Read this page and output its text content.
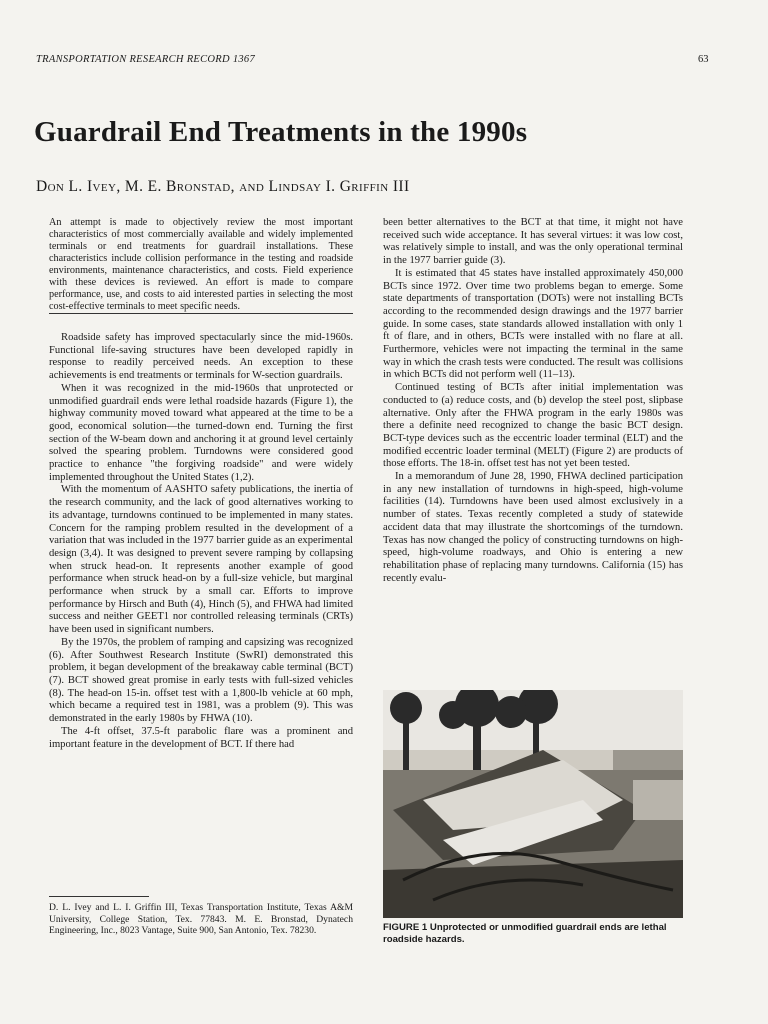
TRANSPORTATION RESEARCH RECORD 1367	63
Guardrail End Treatments in the 1990s
Don L. Ivey, M. E. Bronstad, and Lindsay I. Griffin III

An attempt is made to objectively review the most important characteristics of most commercially available and widely implemented terminals or end treatments for guardrail installations. These characteristics include collision performance in the testing and roadside environments, maintenance characteristics, and costs. Field experience with these devices is reviewed. An effort is made to compare performance, use, and costs to aid interested parties in selecting the most cost-effective terminals to meet specific needs.

Roadside safety has improved spectacularly since the mid-1960s. Functional life-saving structures have been developed rapidly in response to readily perceived needs. An exception to these achievements is end treatments or terminals for W-section guardrails.

When it was recognized in the mid-1960s that unprotected or unmodified guardrail ends were lethal roadside hazards (Figure 1), the highway community moved toward what appeared at the time to be a good, economical solution—the turned-down end. Turning the first section of the W-beam down and anchoring it at ground level certainly solved the spearing problem. Turndowns were considered good practice to enhance "the forgiving roadside" and were widely implemented throughout the United States (1,2).

With the momentum of AASHTO safety publications, the inertia of the research community, and the lack of good alternatives working to its advantage, turndowns continued to be implemented in many states. Concern for the ramping problem resulted in the development of a variation that was included in the 1977 barrier guide as an experimental design (3,4). It was designed to prevent severe ramping by collapsing when struck head-on. It represents another example of good performance when struck head-on by a full-size vehicle, but marginal performance when struck by a small car. Efforts to improve performance by Hirsch and Buth (4), Hinch (5), and FHWA had limited success and neither GEET1 nor controlled releasing terminals (CRTs) have been used in significant numbers.

By the 1970s, the problem of ramping and capsizing was recognized (6). After Southwest Research Institute (SwRI) demonstrated this problem, it began development of the breakaway cable terminal (BCT) (7). BCT showed great promise in early tests with full-sized vehicles (8). The head-on 15-in. offset test with a 1,800-lb vehicle at 60 mph, which became a required test in 1981, was a problem (9). This was demonstrated in the early 1980s by FHWA (10).

The 4-ft offset, 37.5-ft parabolic flare was a prominent and important feature in the development of BCT. If there had

D. L. Ivey and L. I. Griffin III, Texas Transportation Institute, Texas A&M University, College Station, Tex. 77843. M. E. Bronstad, Dynatech Engineering, Inc., 8023 Vantage, Suite 900, San Antonio, Tex. 78230.

been better alternatives to the BCT at that time, it might not have received such wide acceptance. It has several virtues: it was low cost, was relatively simple to install, and was the only operational terminal in the 1977 barrier guide (3).

It is estimated that 45 states have installed approximately 450,000 BCTs since 1972. Over time two problems began to emerge. Some state departments of transportation (DOTs) were not installing BCTs according to the recommended design drawings and the 1977 barrier guide. In some cases, state standards allowed installation with only 1 ft of flare, and in others, BCTs were installed with no flare at all. Furthermore, vehicles were not impacting the terminal in the same way in which the crash tests were conducted. The result was collisions in which BCTs did not perform well (11–13).

Continued testing of BCTs after initial implementation was conducted to (a) reduce costs, and (b) develop the steel post, slipbase alternative. Only after the FHWA program in the early 1980s was there a definite need recognized to change the basic BCT design. BCT-type devices such as the eccentric loader terminal (ELT) and the modified eccentric loader terminal (MELT) (Figure 2) are products of those efforts. The 18-in. offset test has not yet been tested.

In a memorandum of June 28, 1990, FHWA declined participation in any new installation of turndowns in high-speed, high-volume facilities (14). Turndowns have been used almost exclusively in a number of states. Texas recently completed a study of statewide accident data that may illustrate the shortcomings of the turndown. Texas has now changed the policy of constructing turndowns on high-speed, high-volume roadways, and Ohio is entering a new rehabilitation phase of replacing many turndowns. California (15) has recently evalu-

FIGURE 1 Unprotected or unmodified guardrail ends are lethal roadside hazards.
